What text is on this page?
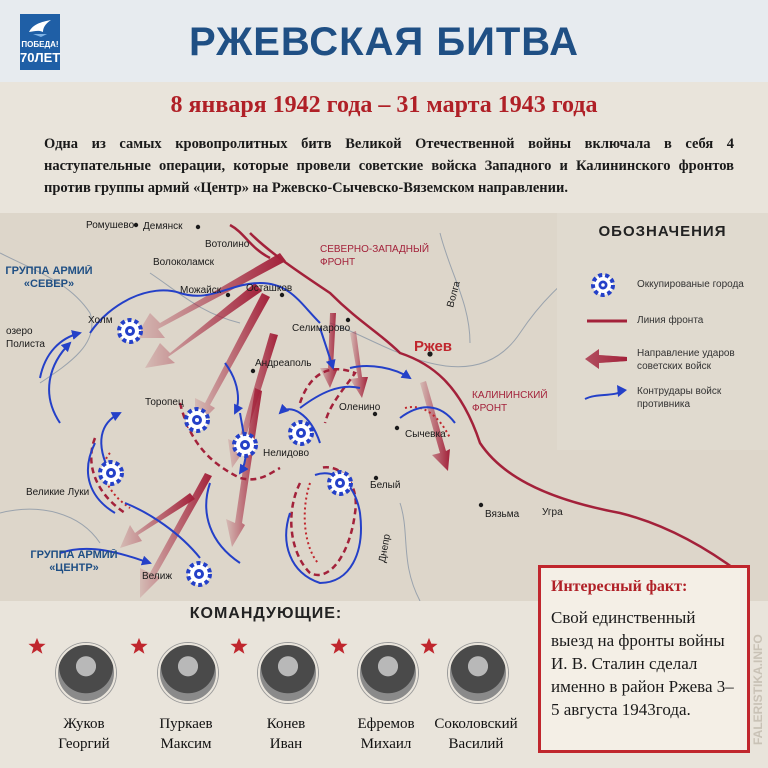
ПОБЕДА!
70ЛЕТ	РЖЕВСКАЯ БИТВА
8 января 1942 года – 31 марта 1943 года
Одна из самых кровопролитных битв Великой Отечественной войны включала в себя 4 наступательные операции, которые провели советские войска Западного и Калининского фронтов против группы армий «Центр» на Ржевско-Сычевско-Вяземском направлении.
Ромушево Демянск
Вотолино
Волоколамск
Можайск Осташков
Холм
Селимарово
Андреаполь
Торопец	Оленино
Сычевка
Нелидово
Великие Луки
Белый
Вязьма Угра
Велиж
Волга
Днепр
ГРУППА АРМИЙ «СЕВЕР»
озеро Полиста
СЕВЕРНО-ЗАПАДНЫЙ ФРОНТ
КАЛИНИНСКИЙ ФРОНТ
ГРУППА АРМИЙ «ЦЕНТР»
Ржев
ОБОЗНАЧЕНИЯ
Оккупированые города
Линия фронта
Направление ударов советских войск
Контрудары войск противника
КОМАНДУЮЩИЕ:
Жуков
Георгий
Пуркаев
Максим
Конев
Иван
Ефремов
Михаил
Соколовский
Василий
Интересный факт:
Свой единственный выезд на фронты войны И. В. Сталин сделал именно в район Ржева 3–5 августа 1943года.	FALERISTIKA.INFO
